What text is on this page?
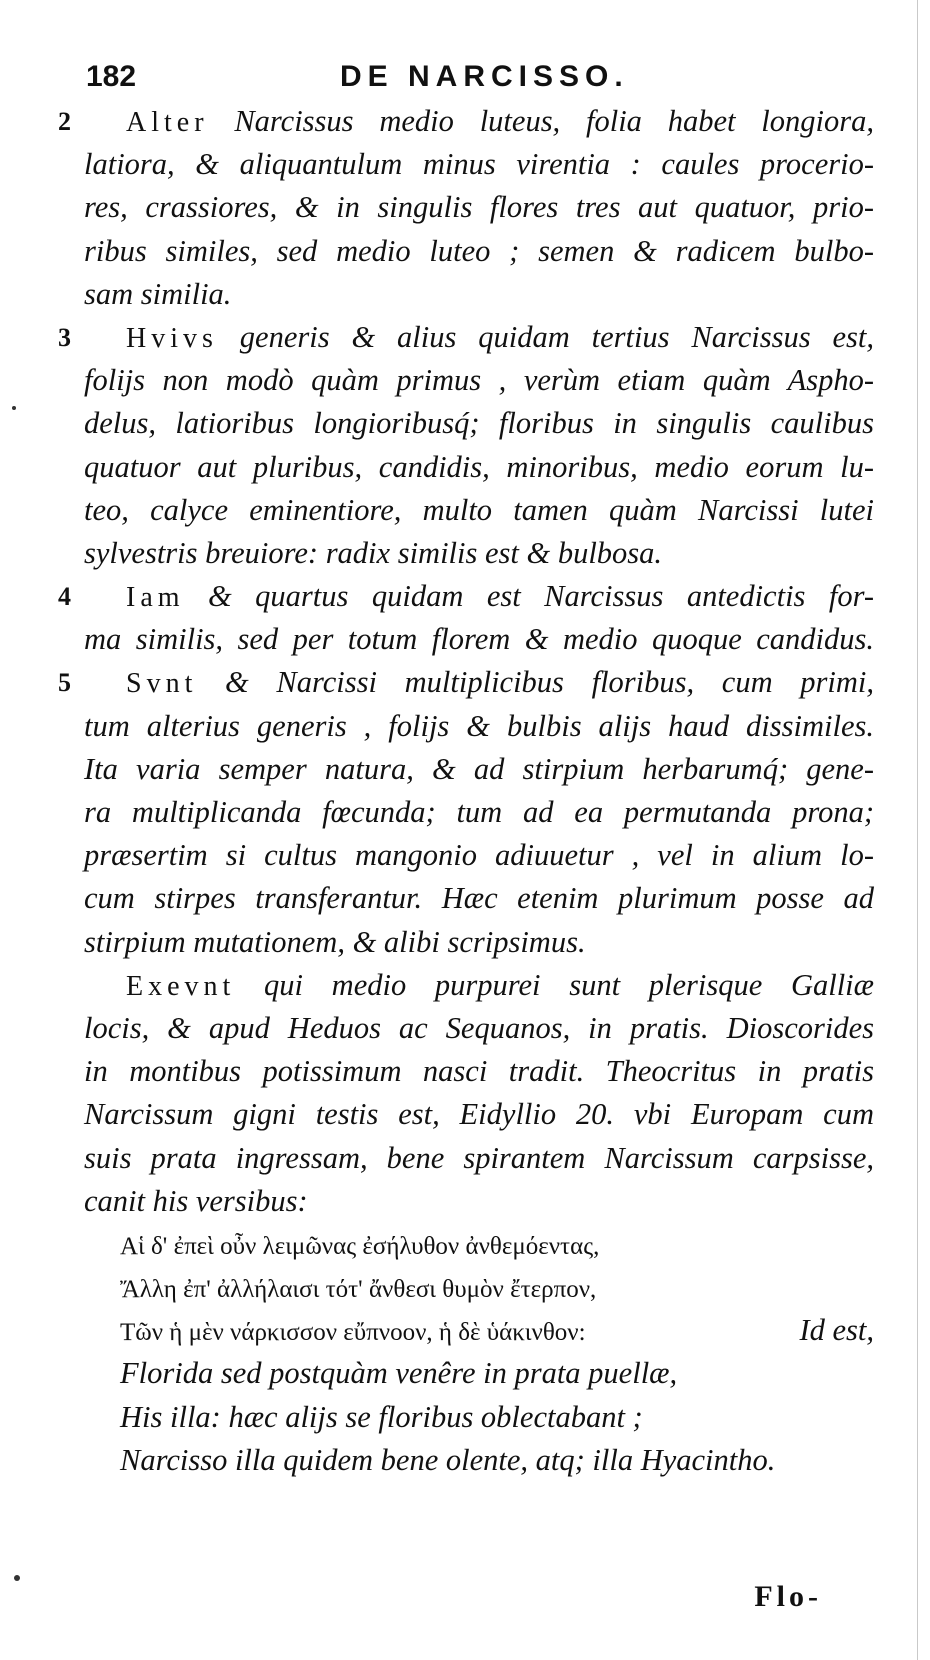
182	DE NARCISSO.
2 Alter Narcissus medio luteus, folia habet longiora,
latiora, & aliquantulum minus virentia : caules procerio-
res, crassiores, & in singulis flores tres aut quatuor, prio-
ribus similes, sed medio luteo ; semen & radicem bulbo-
sam similia.
3 Hvivs generis & alius quidam tertius Narcissus est,
folijs non modò quàm primus , verùm etiam quàm Aspho-
delus, latioribus longioribusq́; floribus in singulis caulibus
quatuor aut pluribus, candidis, minoribus, medio eorum lu-
teo, calyce eminentiore, multo tamen quàm Narcissi lutei
sylvestris breuiore: radix similis est & bulbosa.
4 Iam & quartus quidam est Narcissus antedictis for-
ma similis, sed per totum florem & medio quoque candidus.
5 Svnt & Narcissi multiplicibus floribus, cum primi,
tum alterius generis , folijs & bulbis alijs haud dissimiles.
Ita varia semper natura, & ad stirpium herbarumq́; gene-
ra multiplicanda fœcunda; tum ad ea permutanda prona;
præsertim si cultus mangonio adiuuetur , vel in alium lo-
cum stirpes transferantur. Hæc etenim plurimum posse ad
stirpium mutationem, & alibi scripsimus.
Exevnt qui medio purpurei sunt plerisque Galliæ
locis, & apud Heduos ac Sequanos, in pratis. Dioscorides
in montibus potissimum nasci tradit. Theocritus in pratis
Narcissum gigni testis est, Eidyllio 20. vbi Europam cum
suis prata ingressam, bene spirantem Narcissum carpsisse,
canit his versibus:
Αἱ δ' ἐπεὶ οὖν λειμῶνας ἐσήλυθον ἀνθεμόεντας,
Ἄλλη ἐπ' ἀλλήλαισι τότ' ἄνθεσι θυμὸν ἔτερπον,
Τῶν ἡ μὲν νάρκισσον εὔπνοον, ἡ δὲ ὑάκινθον:	Id est,
Florida sed postquàm venêre in prata puellæ,
His illa: hæc alijs se floribus oblectabant ;
Narcisso illa quidem bene olente, atq; illa Hyacintho.
Flo-
